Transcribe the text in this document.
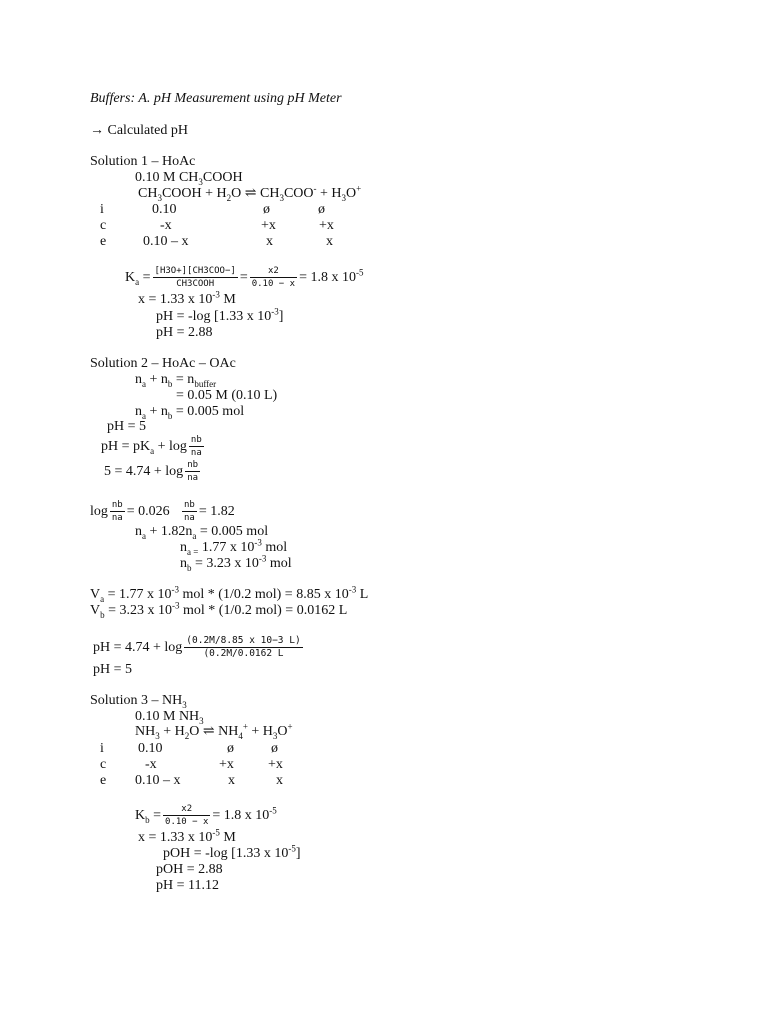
Buffers: A. pH Measurement using pH Meter
→ Calculated pH
Solution 1 – HoAc
0.10 M $CH_3COOH$
$CH_3COOH + H_2O$ ⇌ $CH_3COO^- + H_3O^+$
i	0.10	ø	ø
c	-x	+x	+x
e	0.10 – x	x	x
$K_a = \frac{\text{[H3O+][CH3COO−]}}{\text{CH3COOH}} = \frac{x2}{0.10 - x} = 1.8$ x $10^{-5}$
x = 1.33 x $10^{-3}$ M
pH = -log [1.33 x $10^{-3}$]
pH = 2.88
Solution 2 – HoAc – OAc
$n_a + n_b = n_{buffer}$
= 0.05 M (0.10 L)
$n_a + n_b = 0.005$ mol
pH = 5
pH = $pK_a + \log \frac{nb}{na}$
$5 = 4.74 + \log \frac{nb}{na}$
$\log \frac{nb}{na} = 0.026 \frac{nb}{na} = 1.82$
$n_a + 1.82n_a = 0.005$ mol
$n_{a =}$ 1.77 x $10^{-3}$ mol
$n_b = 3.23$ x $10^{-3}$ mol
$V_a = 1.77$ x $10^{-3}$ mol * (1/0.2 mol) = 8.85 x $10^{-3}$ L
$V_b = 3.23$ x $10^{-3}$ mol * (1/0.2 mol) = 0.0162 L
pH = $4.74 + \log \frac{(0.2M/8.85 x 10-3 L)}{(0.2M/0.0162 L}$
pH = 5
Solution $3 - NH_3$
0.10 M $NH_3$
$NH_3 + H_2O$ ⇌ $NH_4^+ + H_3O^+$
i 0.10	ø	ø
c	-x	+x +x
e 0.10 – x	x	x
$K_b = \frac{x2}{0.10 - x} = 1.8$ x $10^{-5}$
x = 1.33 x $10^{-5}$ M
pOH = -log [1.33 x $10^{-5}$]
pOH = 2.88
pH = 11.12
